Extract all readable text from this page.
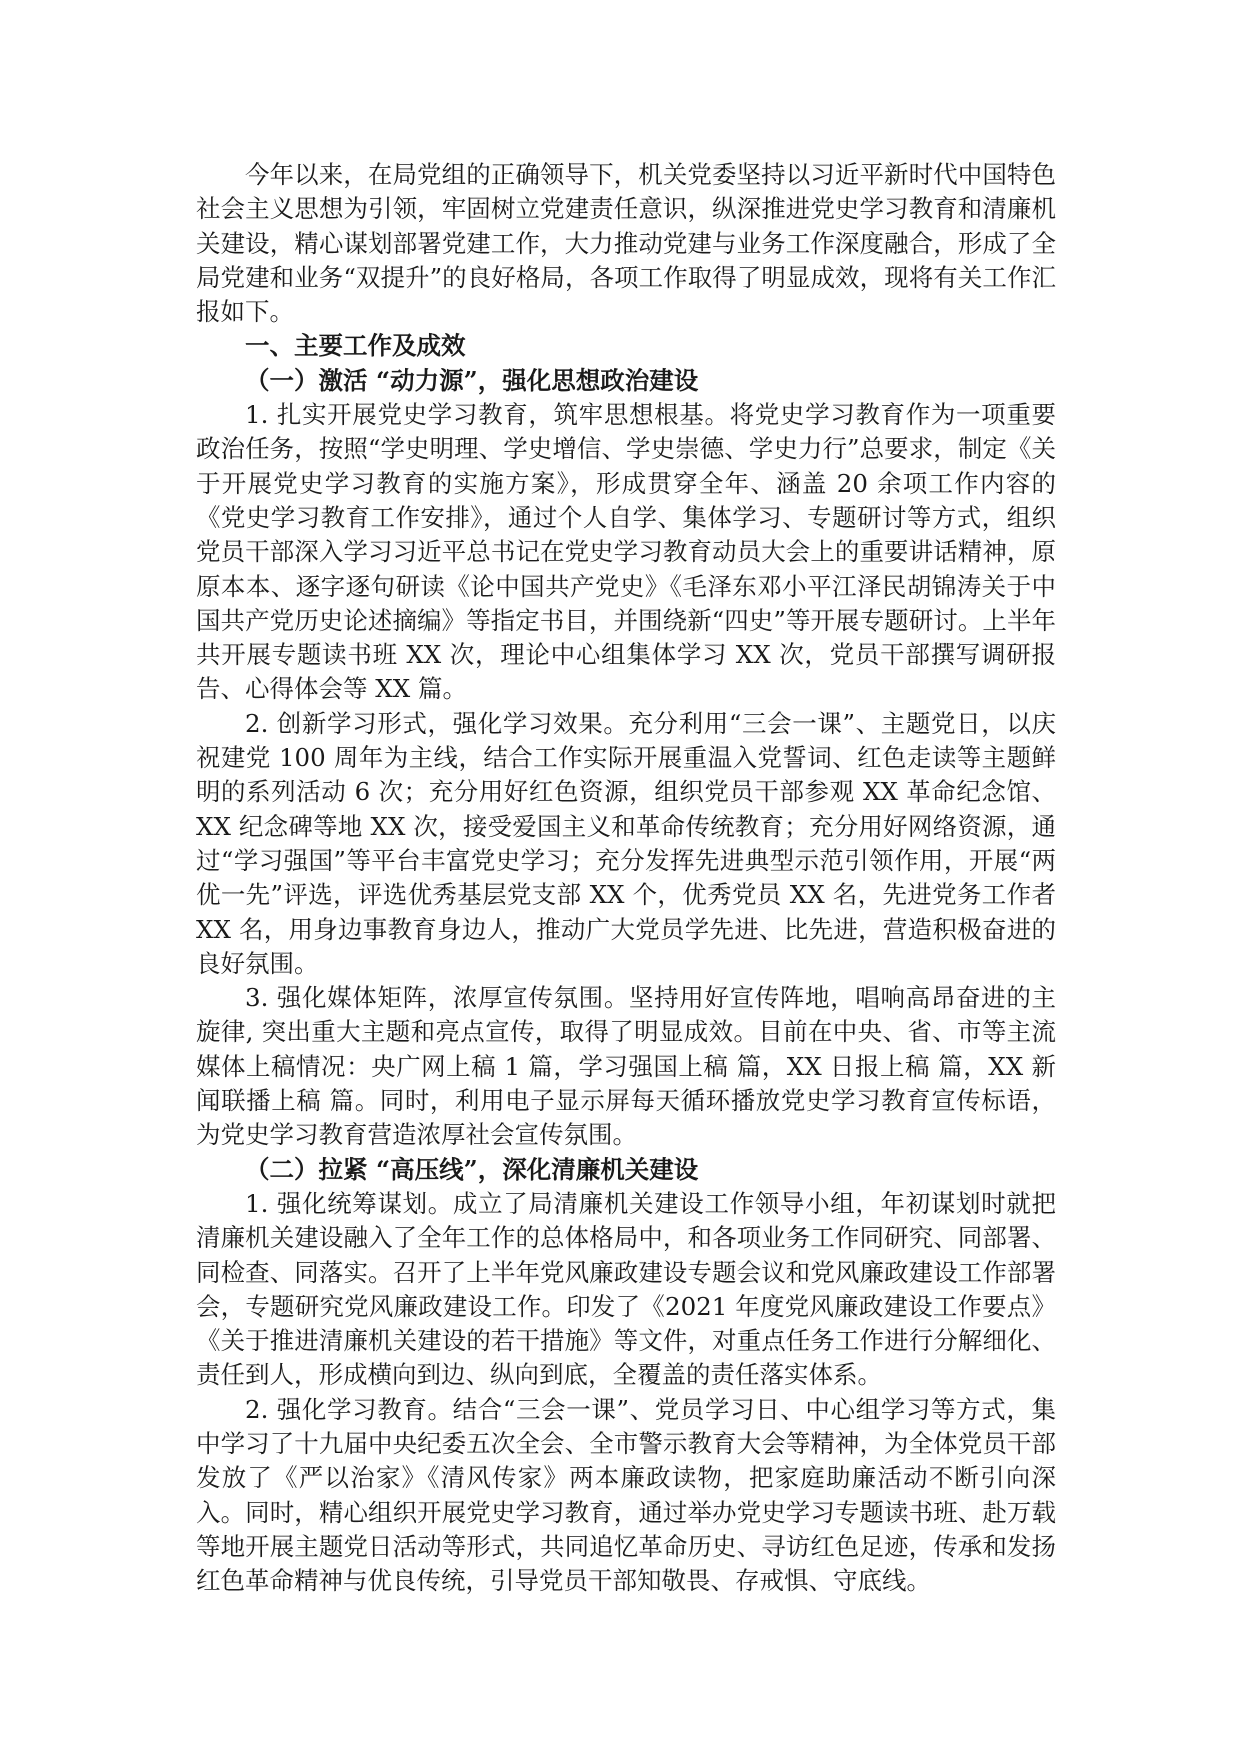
今年以来，在局党组的正确领导下，机关党委坚持以习近平新时代中国特色社会主义思想为引领，牢固树立党建责任意识，纵深推进党史学习教育和清廉机关建设，精心谋划部署党建工作，大力推动党建与业务工作深度融合，形成了全局党建和业务“双提升”的良好格局，各项工作取得了明显成效，现将有关工作汇报如下。

一、主要工作及成效

（一）激活 “动力源”，强化思想政治建设

1. 扎实开展党史学习教育，筑牢思想根基。将党史学习教育作为一项重要政治任务，按照“学史明理、学史增信、学史崇德、学史力行”总要求，制定《关于开展党史学习教育的实施方案》，形成贯穿全年、涵盖 20 余项工作内容的《党史学习教育工作安排》，通过个人自学、集体学习、专题研讨等方式，组织党员干部深入学习习近平总书记在党史学习教育动员大会上的重要讲话精神，原原本本、逐字逐句研读《论中国共产党史》《毛泽东邓小平江泽民胡锦涛关于中国共产党历史论述摘编》等指定书目，并围绕新“四史”等开展专题研讨。上半年共开展专题读书班 XX 次，理论中心组集体学习 XX 次，党员干部撰写调研报告、心得体会等 XX 篇。

2. 创新学习形式，强化学习效果。充分利用“三会一课”、主题党日，以庆祝建党 100 周年为主线，结合工作实际开展重温入党誓词、红色走读等主题鲜明的系列活动 6 次；充分用好红色资源，组织党员干部参观 XX 革命纪念馆、XX 纪念碑等地 XX 次，接受爱国主义和革命传统教育；充分用好网络资源，通过“学习强国”等平台丰富党史学习；充分发挥先进典型示范引领作用，开展“两优一先”评选，评选优秀基层党支部 XX 个，优秀党员 XX 名，先进党务工作者 XX 名，用身边事教育身边人，推动广大党员学先进、比先进，营造积极奋进的良好氛围。

3. 强化媒体矩阵，浓厚宣传氛围。坚持用好宣传阵地，唱响高昂奋进的主旋律, 突出重大主题和亮点宣传，取得了明显成效。目前在中央、省、市等主流媒体上稿情况：央广网上稿 1 篇，学习强国上稿 篇，XX 日报上稿 篇，XX 新闻联播上稿 篇。同时，利用电子显示屏每天循环播放党史学习教育宣传标语，为党史学习教育营造浓厚社会宣传氛围。

（二）拉紧 “高压线”，深化清廉机关建设

1. 强化统筹谋划。成立了局清廉机关建设工作领导小组，年初谋划时就把清廉机关建设融入了全年工作的总体格局中，和各项业务工作同研究、同部署、同检查、同落实。召开了上半年党风廉政建设专题会议和党风廉政建设工作部署会，专题研究党风廉政建设工作。印发了《2021 年度党风廉政建设工作要点》《关于推进清廉机关建设的若干措施》等文件，对重点任务工作进行分解细化、责任到人，形成横向到边、纵向到底，全覆盖的责任落实体系。

2. 强化学习教育。结合“三会一课”、党员学习日、中心组学习等方式，集中学习了十九届中央纪委五次全会、全市警示教育大会等精神，为全体党员干部发放了《严以治家》《清风传家》两本廉政读物，把家庭助廉活动不断引向深入。同时，精心组织开展党史学习教育，通过举办党史学习专题读书班、赴万载等地开展主题党日活动等形式，共同追忆革命历史、寻访红色足迹，传承和发扬红色革命精神与优良传统，引导党员干部知敬畏、存戒惧、守底线。
